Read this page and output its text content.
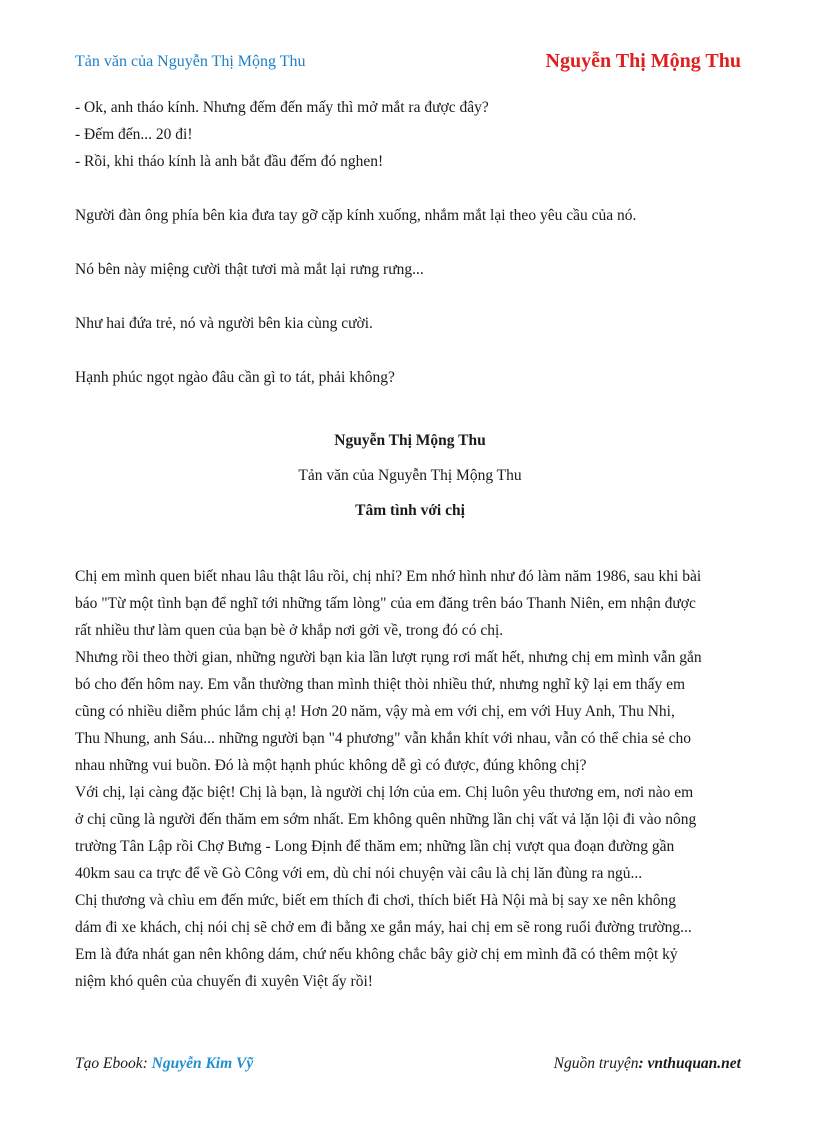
Tản văn của Nguyễn Thị Mộng Thu	Nguyễn Thị Mộng Thu

- Ok, anh tháo kính. Nhưng đếm đến mấy thì mở mắt ra được đây?

- Đếm đến... 20 đi!

- Rồi, khi tháo kính là anh bắt đầu đếm đó nghen!

Người đàn ông phía bên kia đưa tay gỡ cặp kính xuống, nhắm mắt lại theo yêu cầu của nó.

Nó bên này miệng cười thật tươi mà mắt lại rưng rưng...

Như hai đứa trẻ, nó và người bên kia cùng cười.

Hạnh phúc ngọt ngào đâu cần gì to tát, phải không?

Nguyễn Thị Mộng Thu

Tản văn của Nguyễn Thị Mộng Thu

Tâm tình với chị

Chị em mình quen biết nhau lâu thật lâu rồi, chị nhỉ? Em nhớ hình như đó làm năm 1986, sau khi bài

báo "Từ một tình bạn để nghĩ tới những tấm lòng" của em đăng trên báo Thanh Niên, em nhận được

rất nhiều thư làm quen của bạn bè ở khắp nơi gởi về, trong đó có chị.

Nhưng rồi theo thời gian, những người bạn kia lần lượt rụng rơi mất hết, nhưng chị em mình vẫn gắn

bó cho đến hôm nay. Em vẫn thường than mình thiệt thòi nhiều thứ, nhưng nghĩ kỹ lại em thấy em

cũng có nhiều diễm phúc lắm chị ạ! Hơn 20 năm, vậy mà em với chị, em với Huy Anh, Thu Nhi,

Thu Nhung, anh Sáu... những người bạn "4 phương" vẫn khắn khít với nhau, vẫn có thể chia sẻ cho

nhau những vui buồn. Đó là một hạnh phúc không dễ gì có được, đúng không chị?

Với chị, lại càng đặc biệt! Chị là bạn, là người chị lớn của em. Chị luôn yêu thương em, nơi nào em

ở chị cũng là người đến thăm em sớm nhất. Em không quên những lần chị vất vả lặn lội đi vào nông

trường Tân Lập rồi Chợ Bưng - Long Định để thăm em; những lần chị vượt qua đoạn đường gần

40km sau ca trực để về Gò Công với em, dù chỉ nói chuyện vài câu là chị lăn đùng ra ngủ...

Chị thương và chìu em đến mức, biết em thích đi chơi, thích biết Hà Nội mà bị say xe nên không

dám đi xe khách, chị nói chị sẽ chở em đi bằng xe gắn máy, hai chị em sẽ rong ruổi đường trường...

Em là đứa nhát gan nên không dám, chứ nếu không chắc bây giờ chị em mình đã có thêm một kỷ

niệm khó quên của chuyến đi xuyên Việt ấy rồi!

Tạo Ebook: Nguyễn Kim Vỹ	Nguồn truyện: vnthuquan.net
